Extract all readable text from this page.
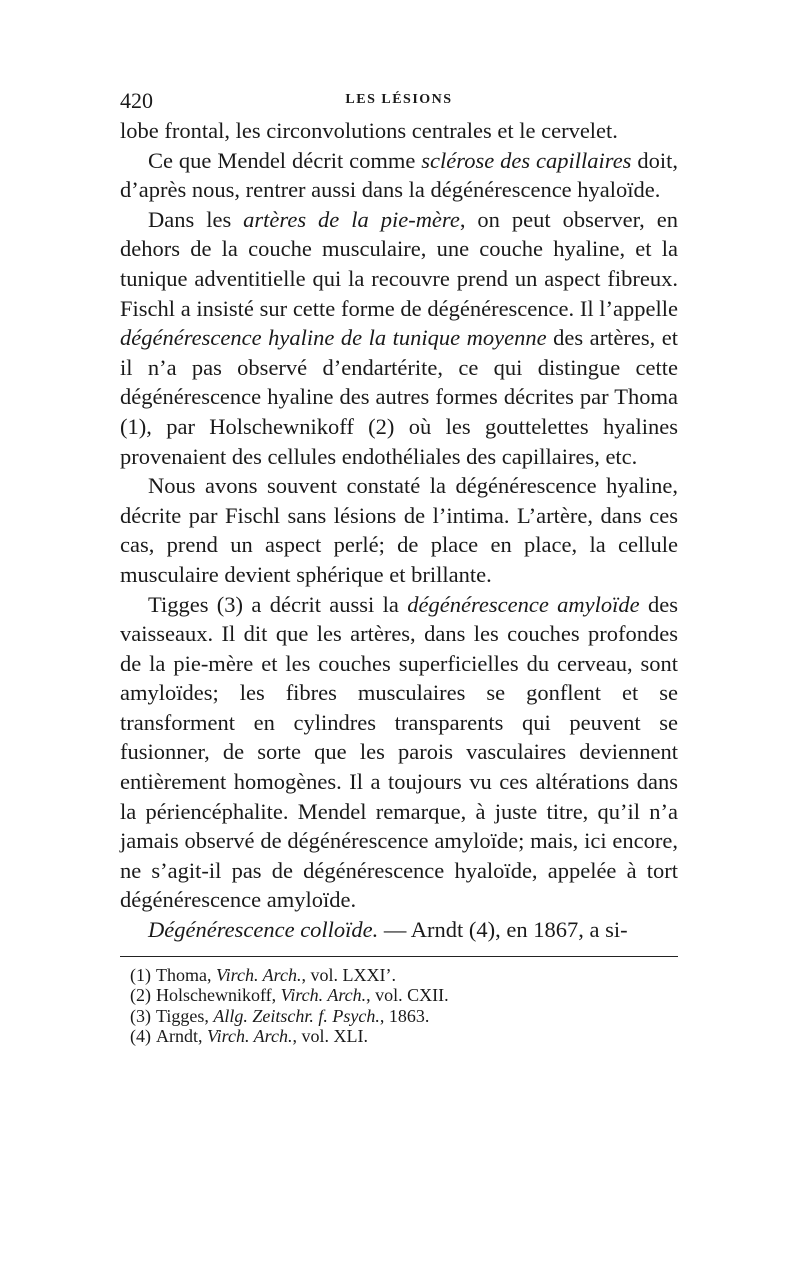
420	LES LÉSIONS

lobe frontal, les circonvolutions centrales et le cervelet.

Ce que Mendel décrit comme sclérose des capillaires doit, d’après nous, rentrer aussi dans la dégénérescence hyaloïde.

Dans les artères de la pie-mère, on peut observer, en dehors de la couche musculaire, une couche hyaline, et la tunique adventitielle qui la recouvre prend un aspect fibreux. Fischl a insisté sur cette forme de dégénérescence. Il l’appelle dégénérescence hyaline de la tunique moyenne des artères, et il n’a pas observé d’endartérite, ce qui distingue cette dégénérescence hyaline des autres formes décrites par Thoma (1), par Holschewnikoff (2) où les gouttelettes hyalines provenaient des cellules endothéliales des capillaires, etc.

Nous avons souvent constaté la dégénérescence hyaline, décrite par Fischl sans lésions de l’intima. L’artère, dans ces cas, prend un aspect perlé; de place en place, la cellule musculaire devient sphérique et brillante.

Tigges (3) a décrit aussi la dégénérescence amyloïde des vaisseaux. Il dit que les artères, dans les couches profondes de la pie-mère et les couches superficielles du cerveau, sont amyloïdes; les fibres musculaires se gonflent et se transforment en cylindres transparents qui peuvent se fusionner, de sorte que les parois vasculaires deviennent entièrement homogènes. Il a toujours vu ces altérations dans la périencéphalite. Mendel remarque, à juste titre, qu’il n’a jamais observé de dégénérescence amyloïde; mais, ici encore, ne s’agit-il pas de dégénérescence hyaloïde, appelée à tort dégénérescence amyloïde.

Dégénérescence colloïde. — Arndt (4), en 1867, a si-

(1) Thoma, Virch. Arch., vol. LXXI’.
(2) Holschewnikoff, Virch. Arch., vol. CXII.
(3) Tigges, Allg. Zeitschr. f. Psych., 1863.
(4) Arndt, Virch. Arch., vol. XLI.
